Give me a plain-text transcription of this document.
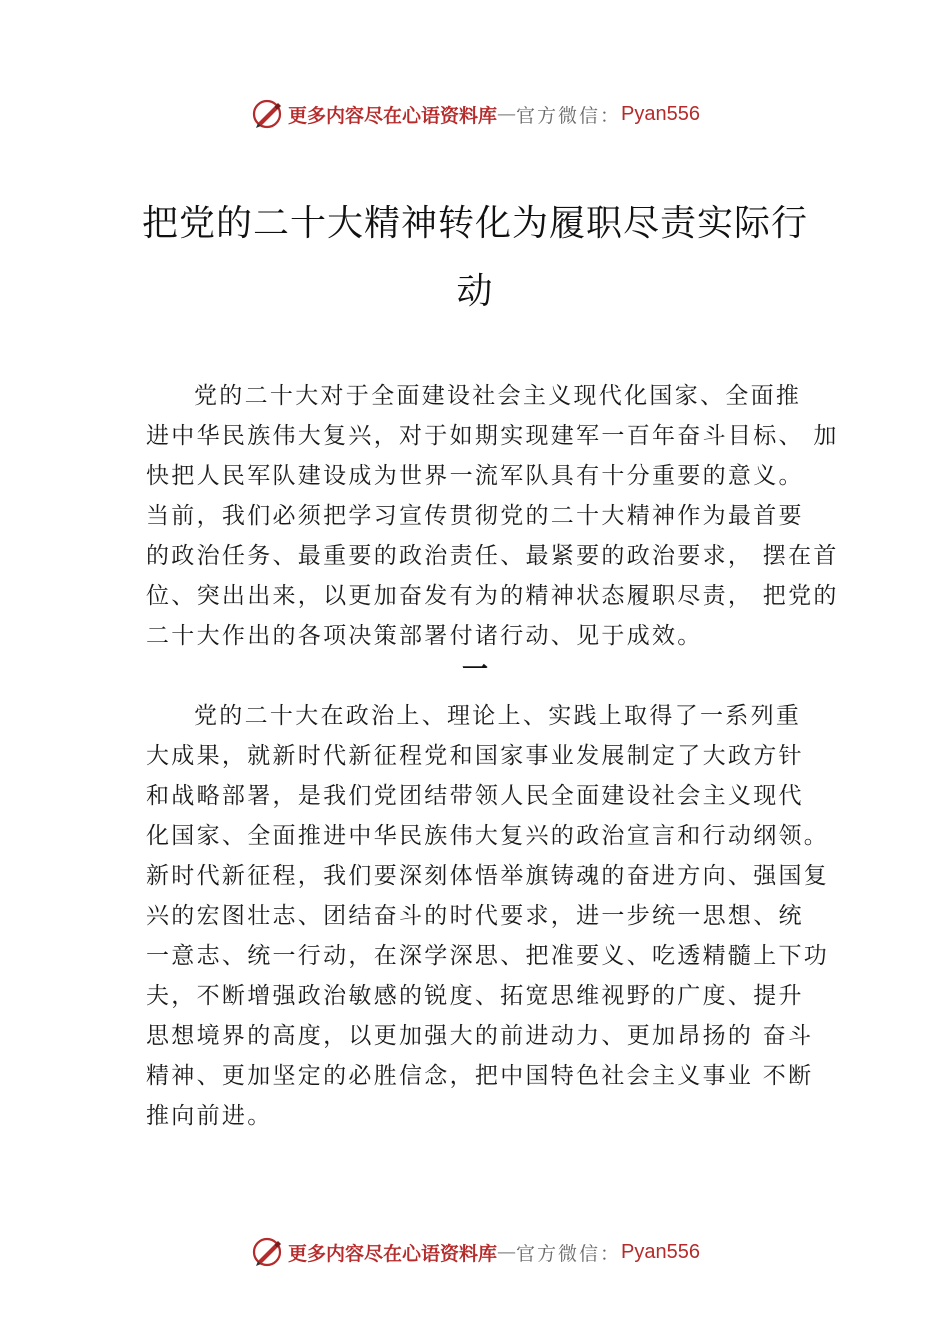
更多内容尽在心语资料库 — 官方微信： Pyan556
把党的二十大精神转化为履职尽责实际行
动
党的二十大对于全面建设社会主义现代化国家、全面推
进中华民族伟大复兴，对于如期实现建军一百年奋斗目标、 加
快把人民军队建设成为世界一流军队具有十分重要的意义。
当前，我们必须把学习宣传贯彻党的二十大精神作为最首要
的政治任务、最重要的政治责任、最紧要的政治要求， 摆在首
位、突出出来，以更加奋发有为的精神状态履职尽责， 把党的
二十大作出的各项决策部署付诸行动、见于成效。
一
党的二十大在政治上、理论上、实践上取得了一系列重
大成果，就新时代新征程党和国家事业发展制定了大政方针
和战略部署，是我们党团结带领人民全面建设社会主义现代
化国家、全面推进中华民族伟大复兴的政治宣言和行动纲领。
新时代新征程，我们要深刻体悟举旗铸魂的奋进方向、强国复
兴的宏图壮志、团结奋斗的时代要求，进一步统一思想、统
一意志、统一行动，在深学深思、把准要义、吃透精髓上下功
夫，不断增强政治敏感的锐度、拓宽思维视野的广度、提升
思想境界的高度，以更加强大的前进动力、更加昂扬的 奋斗
精神、更加坚定的必胜信念，把中国特色社会主义事业 不断
推向前进。
更多内容尽在心语资料库 — 官方微信： Pyan556
